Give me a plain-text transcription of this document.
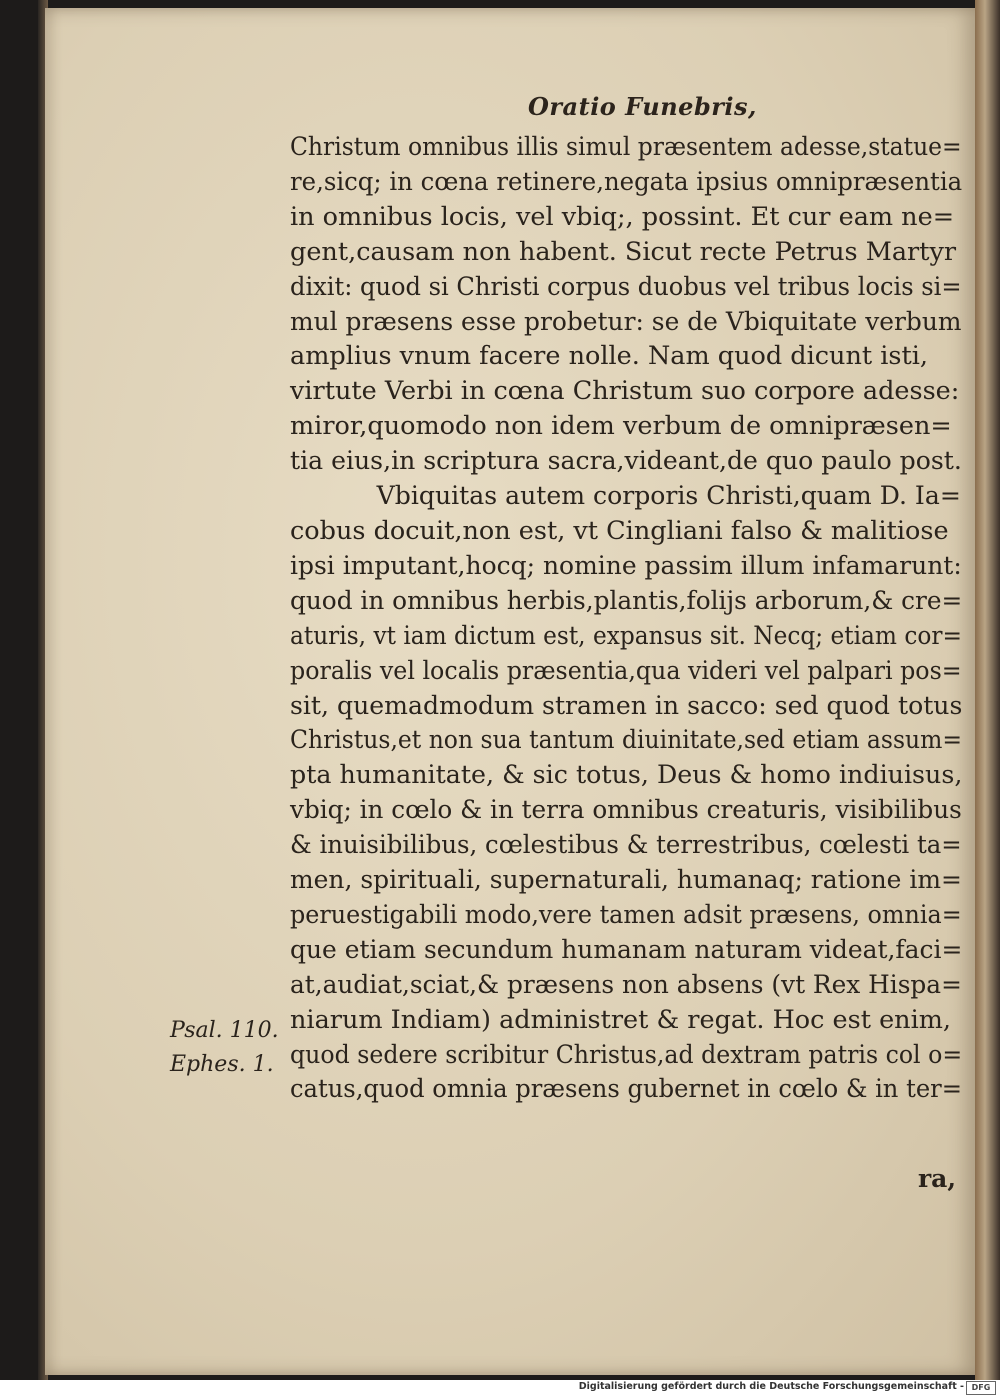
Oratio Funebris,
Christum omnibus illis simul præsentem adesse,statue=
re,sicq; in cœna retinere,negata ipsius omnipræsentia
in omnibus locis, vel vbiq;, possint. Et cur eam ne=
gent,causam non habent. Sicut recte Petrus Martyr
dixit: quod si Christi corpus duobus vel tribus locis si=
mul præsens esse probetur: se de Vbiquitate verbum
amplius vnum facere nolle. Nam quod dicunt isti,
virtute Verbi in cœna Christum suo corpore adesse:
miror,quomodo non idem verbum de omnipræsen=
tia eius,in scriptura sacra,videant,de quo paulo post.
Vbiquitas autem corporis Christi,quam D. Ia=
cobus docuit,non est, vt Cingliani falso & malitiose
ipsi imputant,hocq; nomine passim illum infamarunt:
quod in omnibus herbis,plantis,folijs arborum,& cre=
aturis, vt iam dictum est, expansus sit. Necq; etiam cor=
poralis vel localis præsentia,qua videri vel palpari pos=
sit, quemadmodum stramen in sacco: sed quod totus
Christus,et non sua tantum diuinitate,sed etiam assum=
pta humanitate, & sic totus, Deus & homo indiuisus,
vbiq; in cœlo & in terra omnibus creaturis, visibilibus
& inuisibilibus, cœlestibus & terrestribus, cœlesti ta=
men, spirituali, supernaturali, humanaq; ratione im=
peruestigabili modo,vere tamen adsit præsens, omnia=
que etiam secundum humanam naturam videat,faci=
at,audiat,sciat,& præsens non absens (vt Rex Hispa=
niarum Indiam) administret & regat. Hoc est enim,
quod sedere scribitur Christus,ad dextram patris col o=
catus,quod omnia præsens gubernet in cœlo & in ter=
Psal. 110.
Ephes. 1.
ra,
Digitalisierung gefördert durch die Deutsche Forschungsgemeinschaft - DFG
